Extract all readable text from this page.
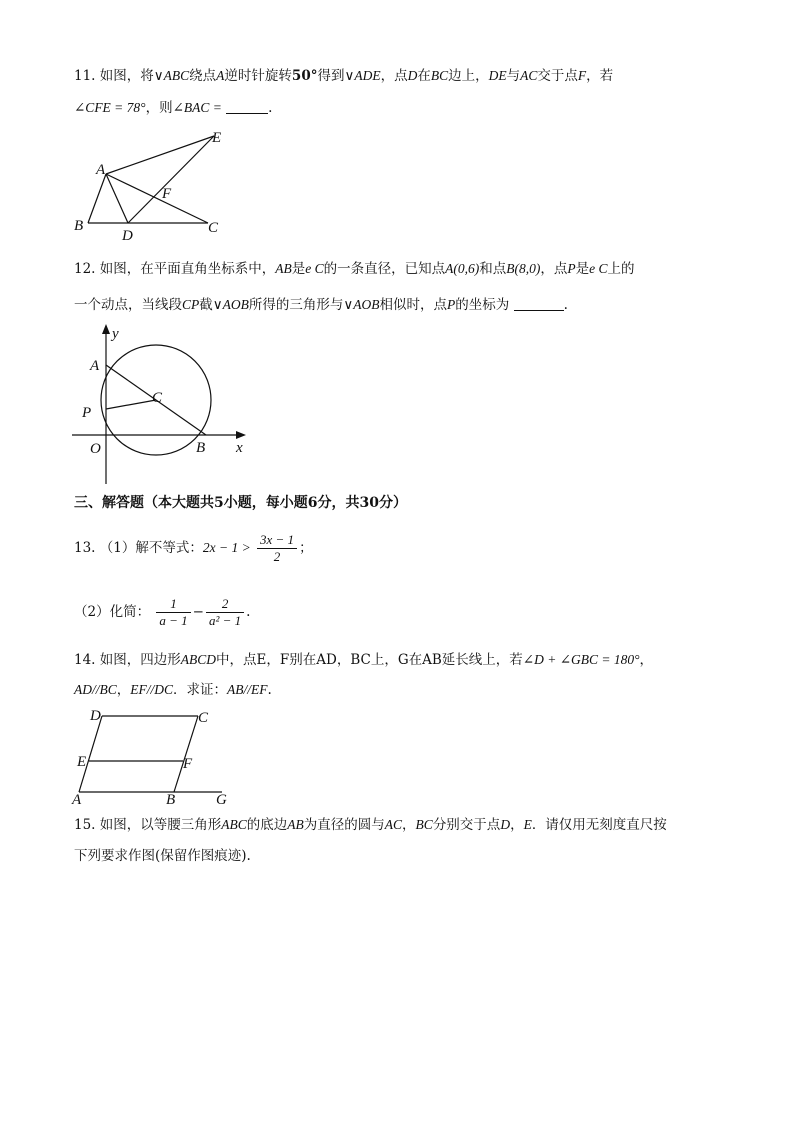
11. 如图，将∨ABC绕点A逆时针旋转50°得到∨ADE，点D在BC边上，DE与AC交于点F，若
∠CFE = 78°，则∠BAC =	.
A
B	C
D
E
F
12. 如图，在平面直角坐标系中，AB是e C的一条直径，已知点A(0,6)和点B(8,0)，点P是e C上的
一个动点，当线段CP截∨AOB所得的三角形与∨AOB相似时，点P的坐标为	.
y
A
C
P
O	B x
三、解答题（本大题共5小题，每小题6分，共30分）
13. （1）解不等式：$2x - 1 > \frac{3x - 1}{2}$ ；
（2）化简： $\frac{1}{a - 1} - \frac{2}{\text{a² − 1}}$ .
14. 如图，四边形ABCD中，点E，F别在AD，BC上，G在AB延长线上，若∠D + ∠GBC = 180°，
AD//BC，EF//DC．求证：AB//EF.
D	C
E	F
A	B	G
15. 如图，以等腰三角形ABC的底边AB为直径的圆与AC，BC分别交于点D，E．请仅用无刻度直尺按
下列要求作图(保留作图痕迹).
